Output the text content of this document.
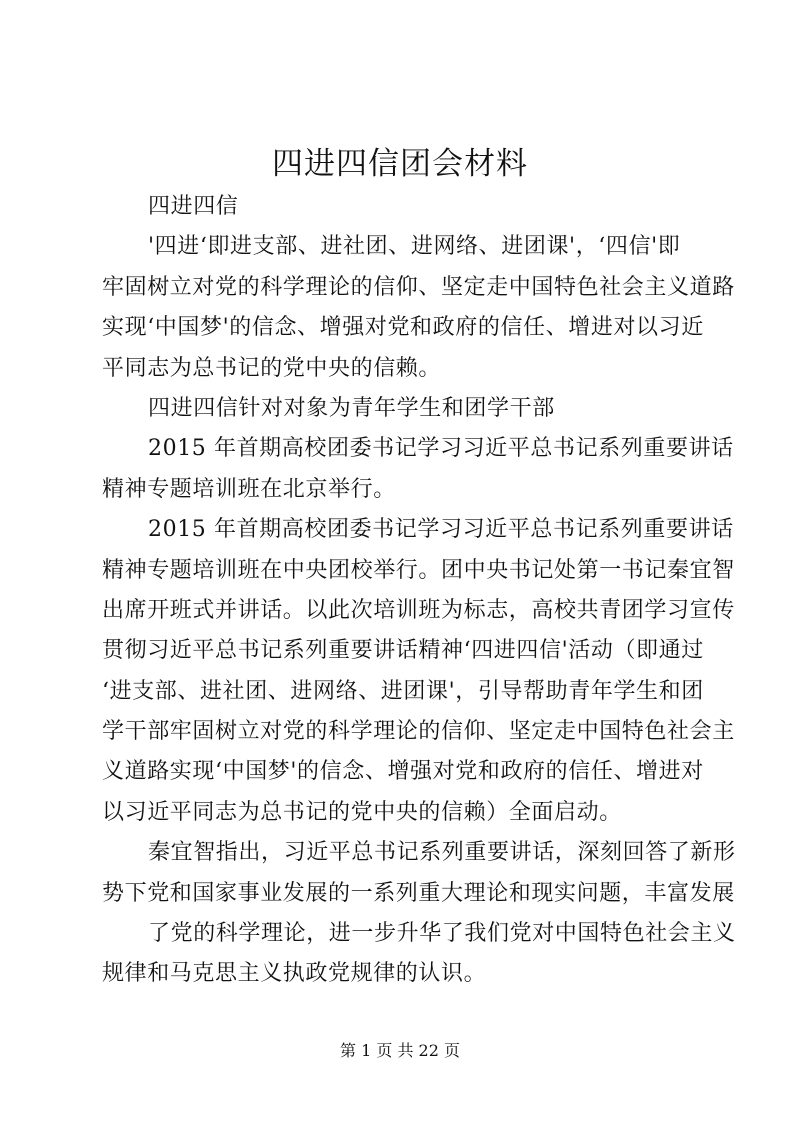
四进四信团会材料
四进四信
'四进‘即进支部、进社团、进网络、进团课'，‘四信'即
牢固树立对党的科学理论的信仰、坚定走中国特色社会主义道路
实现‘中国梦'的信念、增强对党和政府的信任、增进对以习近
平同志为总书记的党中央的信赖。
四进四信针对对象为青年学生和团学干部
2015 年首期高校团委书记学习习近平总书记系列重要讲话
精神专题培训班在北京举行。
2015 年首期高校团委书记学习习近平总书记系列重要讲话
精神专题培训班在中央团校举行。团中央书记处第一书记秦宜智
出席开班式并讲话。以此次培训班为标志，高校共青团学习宣传
贯彻习近平总书记系列重要讲话精神‘四进四信'活动（即通过
‘进支部、进社团、进网络、进团课'，引导帮助青年学生和团
学干部牢固树立对党的科学理论的信仰、坚定走中国特色社会主
义道路实现‘中国梦'的信念、增强对党和政府的信任、增进对
以习近平同志为总书记的党中央的信赖）全面启动。
秦宜智指出，习近平总书记系列重要讲话，深刻回答了新形
势下党和国家事业发展的一系列重大理论和现实问题，丰富发展
了党的科学理论，进一步升华了我们党对中国特色社会主义
规律和马克思主义执政党规律的认识。
第 1 页 共 22 页
